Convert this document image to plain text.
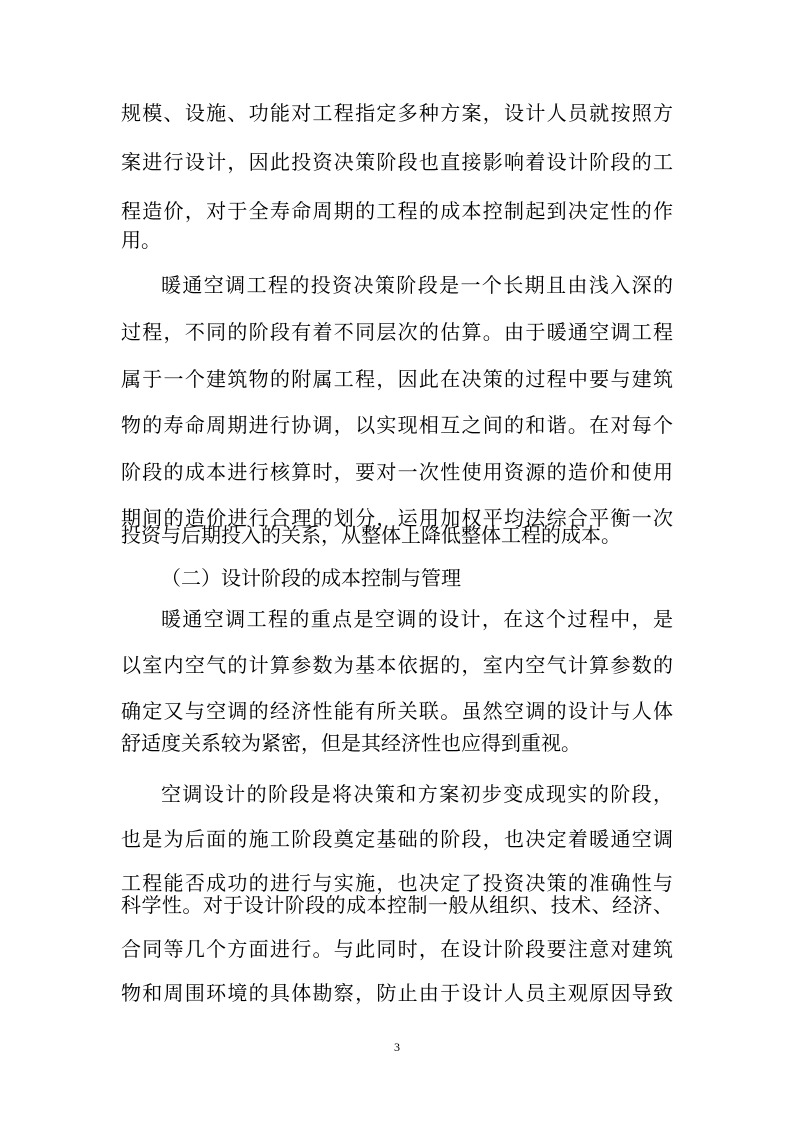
规模、设施、功能对工程指定多种方案，设计人员就按照方
案进行设计，因此投资决策阶段也直接影响着设计阶段的工
程造价，对于全寿命周期的工程的成本控制起到决定性的作
用。
暖通空调工程的投资决策阶段是一个长期且由浅入深的
过程，不同的阶段有着不同层次的估算。由于暖通空调工程
属于一个建筑物的附属工程，因此在决策的过程中要与建筑
物的寿命周期进行协调，以实现相互之间的和谐。在对每个
阶段的成本进行核算时，要对一次性使用资源的造价和使用
期间的造价进行合理的划分，运用加权平均法综合平衡一次
投资与后期投入的关系，从整体上降低整体工程的成本。
（二）设计阶段的成本控制与管理
暖通空调工程的重点是空调的设计，在这个过程中，是
以室内空气的计算参数为基本依据的，室内空气计算参数的
确定又与空调的经济性能有所关联。虽然空调的设计与人体
舒适度关系较为紧密，但是其经济性也应得到重视。
空调设计的阶段是将决策和方案初步变成现实的阶段，
也是为后面的施工阶段奠定基础的阶段，也决定着暖通空调
工程能否成功的进行与实施，也决定了投资决策的准确性与
科学性。对于设计阶段的成本控制一般从组织、技术、经济、
合同等几个方面进行。与此同时，在设计阶段要注意对建筑
物和周围环境的具体勘察，防止由于设计人员主观原因导致
3
